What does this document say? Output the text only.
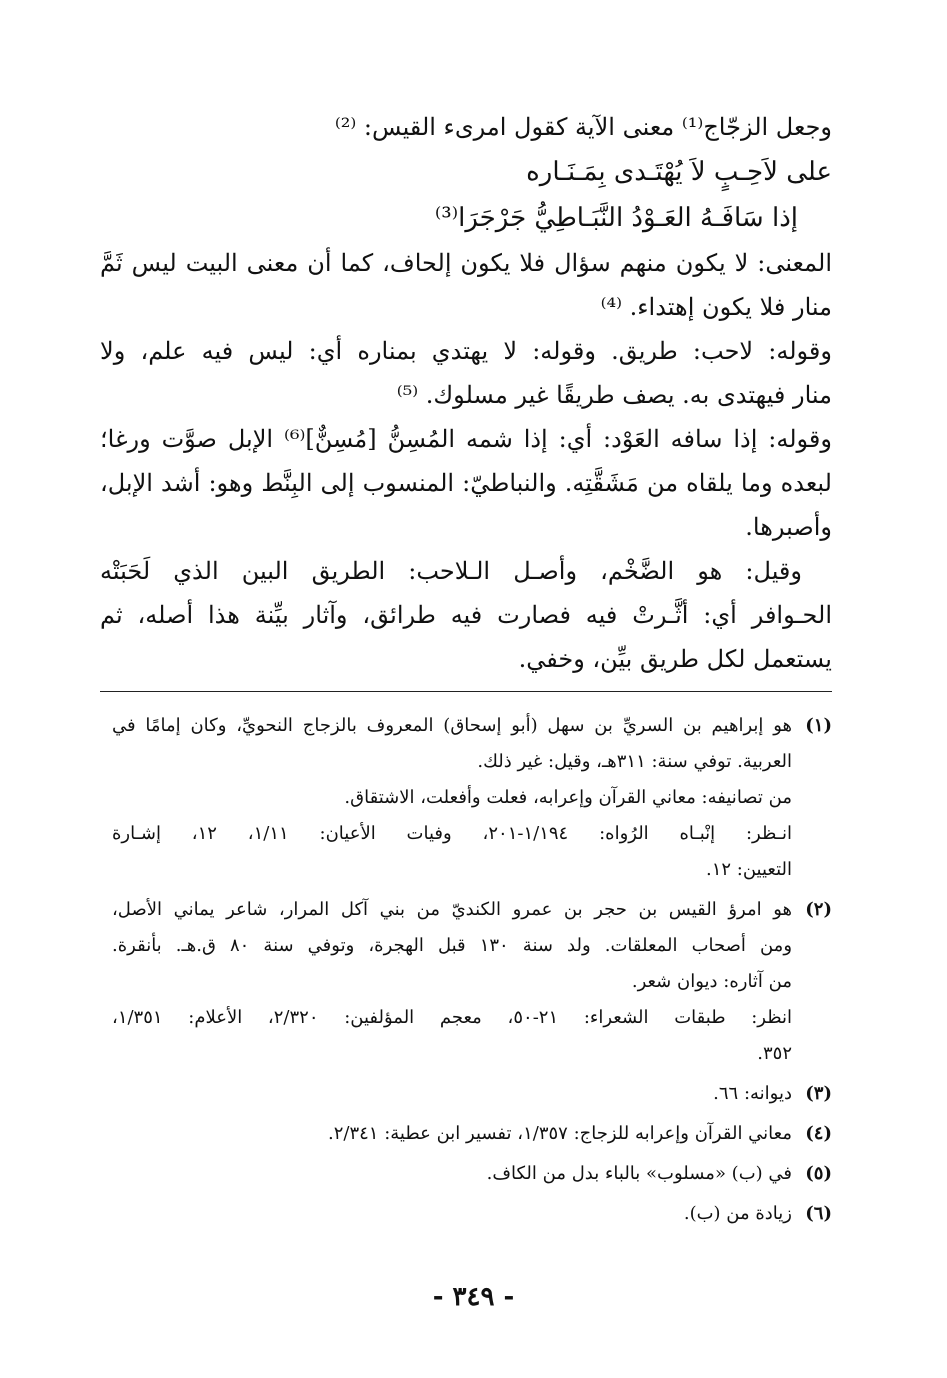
وجعل الزجّاج⁽¹⁾ معنى الآية كقول امرىء القيس: ⁽²⁾
على لاَحِـبٍ لاَ يُهْتَـدى بِمَـنَـاره
إذا سَافَـهُ العَـوْدُ النَّبَـاطِيُّ جَرْجَرَا⁽³⁾
المعنى: لا يكون منهم سؤال فلا يكون إلحاف، كما أن معنى البيت ليس ثَمَّ
منار فلا يكون إهتداء. ⁽⁴⁾
وقوله: لاحب: طريق. وقوله: لا يهتدي بمناره أي: ليس فيه علم، ولا
منار فيهتدى به. يصف طريقًا غير مسلوك. ⁽⁵⁾
وقوله: إذا سافه العَوْد: أي: إذا شمه المُسِنُّ [مُسِنٌّ]⁽⁶⁾ الإبل صوَّت ورغا؛
لبعده وما يلقاه من مَشَقَّتِه. والنباطيّ: المنسوب إلى البِنَّط وهو: أشد الإبل،
وأصبرها.
وقيل: هو الضَّخْم، وأصـل الـلاحب: الطريق البين الذي لَحَبَتْه
الحـوافر أي: أثَّـرتْ فيه فصارت فيه طرائق، وآثار بيِّنة هذا أصله، ثم
يستعمل لكل طريق بيِّن، وخفي.
(١)
هو إبراهيم بن السريِّ بن سهل (أبو إسحاق) المعروف بالزجاج النحويِّ، وكان إمامًا في
العربية. توفي سنة: ٣١١هـ، وقيل: غير ذلك.
من تصانيفه: معاني القرآن وإعرابه، فعلت وأفعلت، الاشتقاق.
انـظر: إنْبـاه الرُواه: ١/١٩٤-٢٠١، وفيات الأعيان: ١/١١، ١٢، إشـارة
التعيين: ١٢.
(٢)
هو امرؤ القيس بن حجر بن عمرو الكنديّ من بني آكل المرار، شاعر يماني الأصل،
ومن أصحاب المعلقات. ولد سنة ١٣٠ قبل الهجرة، وتوفي سنة ٨٠ ق.هـ. بأنقرة.
من آثاره: ديوان شعر.
انظر: طبقات الشعراء: ٢١-٥٠، معجم المؤلفين: ٢/٣٢٠، الأعلام: ١/٣٥١،
٣٥٢.
(٣)
ديوانه: ٦٦.
(٤)
معاني القرآن وإعرابه للزجاج: ١/٣٥٧، تفسير ابن عطية: ٢/٣٤١.
(٥)
في (ب) «مسلوب» بالباء بدل من الكاف.
(٦)
زيادة من (ب).
- ٣٤٩ -
